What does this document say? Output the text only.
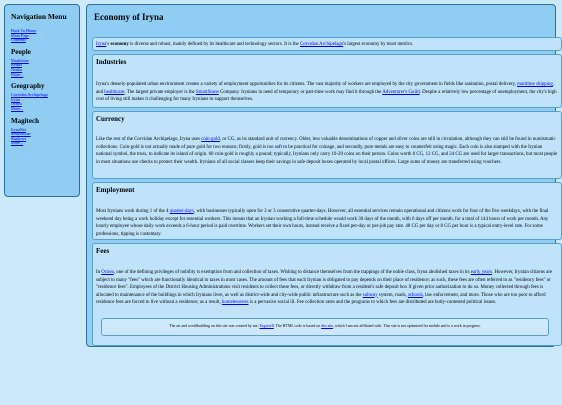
Navigation Menu
Back To Home
Main Page
Contents
People
Madeleine
Reinet
Nenko
More...
Geography
Corvidan Archipelago
Iryna
Ocnea
More...
Magitech
IrynaNet
SmartStone
Shadows
More...
Economy of Iryna

Iryna's economy is diverse and robust, mainly defined by its healthcare and technology sectors. It is the Corvidan Archipelago's largest economy by most metrics.

Industries

Iryna's densely-populated urban environment creates a variety of employment opportunities for its citizens. The vast majority of workers are employed by the city government in fields like sanitation, postal delivery, maritime shipping, and healthcare. The largest private employer is the SmartStone Company. Irynians in need of temporary or part-time work may find it through the Adventurer's Guild. Despite a relatively low percentage of unemployment, the city's high cost of living still makes it challenging for many Irynians to support themselves.

Currency

Like the rest of the Corvidan Archipelago, Iryna uses coin-gold, or CG, as its standard unit of currency. Older, less valuable denominations of copper and silver coins are still in circulation, although they can still be found in numismatic collections. Coin-gold is not actually made of pure gold for two reasons; firstly, gold is too soft to be practical for coinage, and secondly, pure metals are easy to counterfeit using magic. Each coin is also stamped with the Irynian national symbol, the truss, to indicate its island of origin. 60 coin-gold is roughly a pound; typically, Irynians only carry 10-20 coins on their person. Coins worth 6 CG, 12 CG, and 24 CG are used for larger transactions, but most people in most situations use checks to protect their wealth. Irynians of all social classes keep their savings in safe deposit boxes operated by local postal offices. Large sums of money are transferred using vouchers.

Employment

Most Irynians work during 1 of the 4 quarter-days, with businesses typically open for 2 or 3 consecutive quarter-days. However, all essential services remain operational and citizens work for four of the five weekdays, with the final weekend day being a work holiday except for essential workers. This means that an Irynian working a full-time schedule would work 30 days of the month, with 6 days off per month, for a total of 144 hours of work per month. Any hourly employee whose daily work exceeds a 6-hour period is paid overtime. Workers set their own hours, instead receive a fixed per-day or per-job pay rate. 48 CG per day or 8 CG per hour is a typical entry-level rate. For some professions, tipping is customary.

Fees

In Ocnea, one of the defining privileges of nobility is exemption from and collection of taxes. Wishing to distance themselves from the trappings of the noble class, Iryna abolished taxes in its early years. However, Irynian citizens are subject to many "fees" which are functionally identical to taxes in most cases. The amount of fees that each Irynian is obligated to pay depends on their place of residence; as such, these fees are often referred to as "residency fees" or "residence fees". Employees of the District Housing Administrations visit residents to collect these fees, or directly withdraw from a resident's safe deposit box if given prior authorization to do so. Money collected through fees is allocated to maintenance of the buildings in which Irynians lives, as well as district-wide and city-wide public infrastructure such as the subway system, roads, schools, law enforcement, and more. Those who are too poor to afford residence fees are forced to live without a residence; as a result, homelessness is a pervasive social ill. Fee collection rates and the programs to which fees are distributed are hotly-contested political issues.

The art and worldbuilding on this site was created by me, Ezgotrell. The HTML code is based on this site, which I am not affiliated with. This site is not optimized for mobile and is a work in progress.
